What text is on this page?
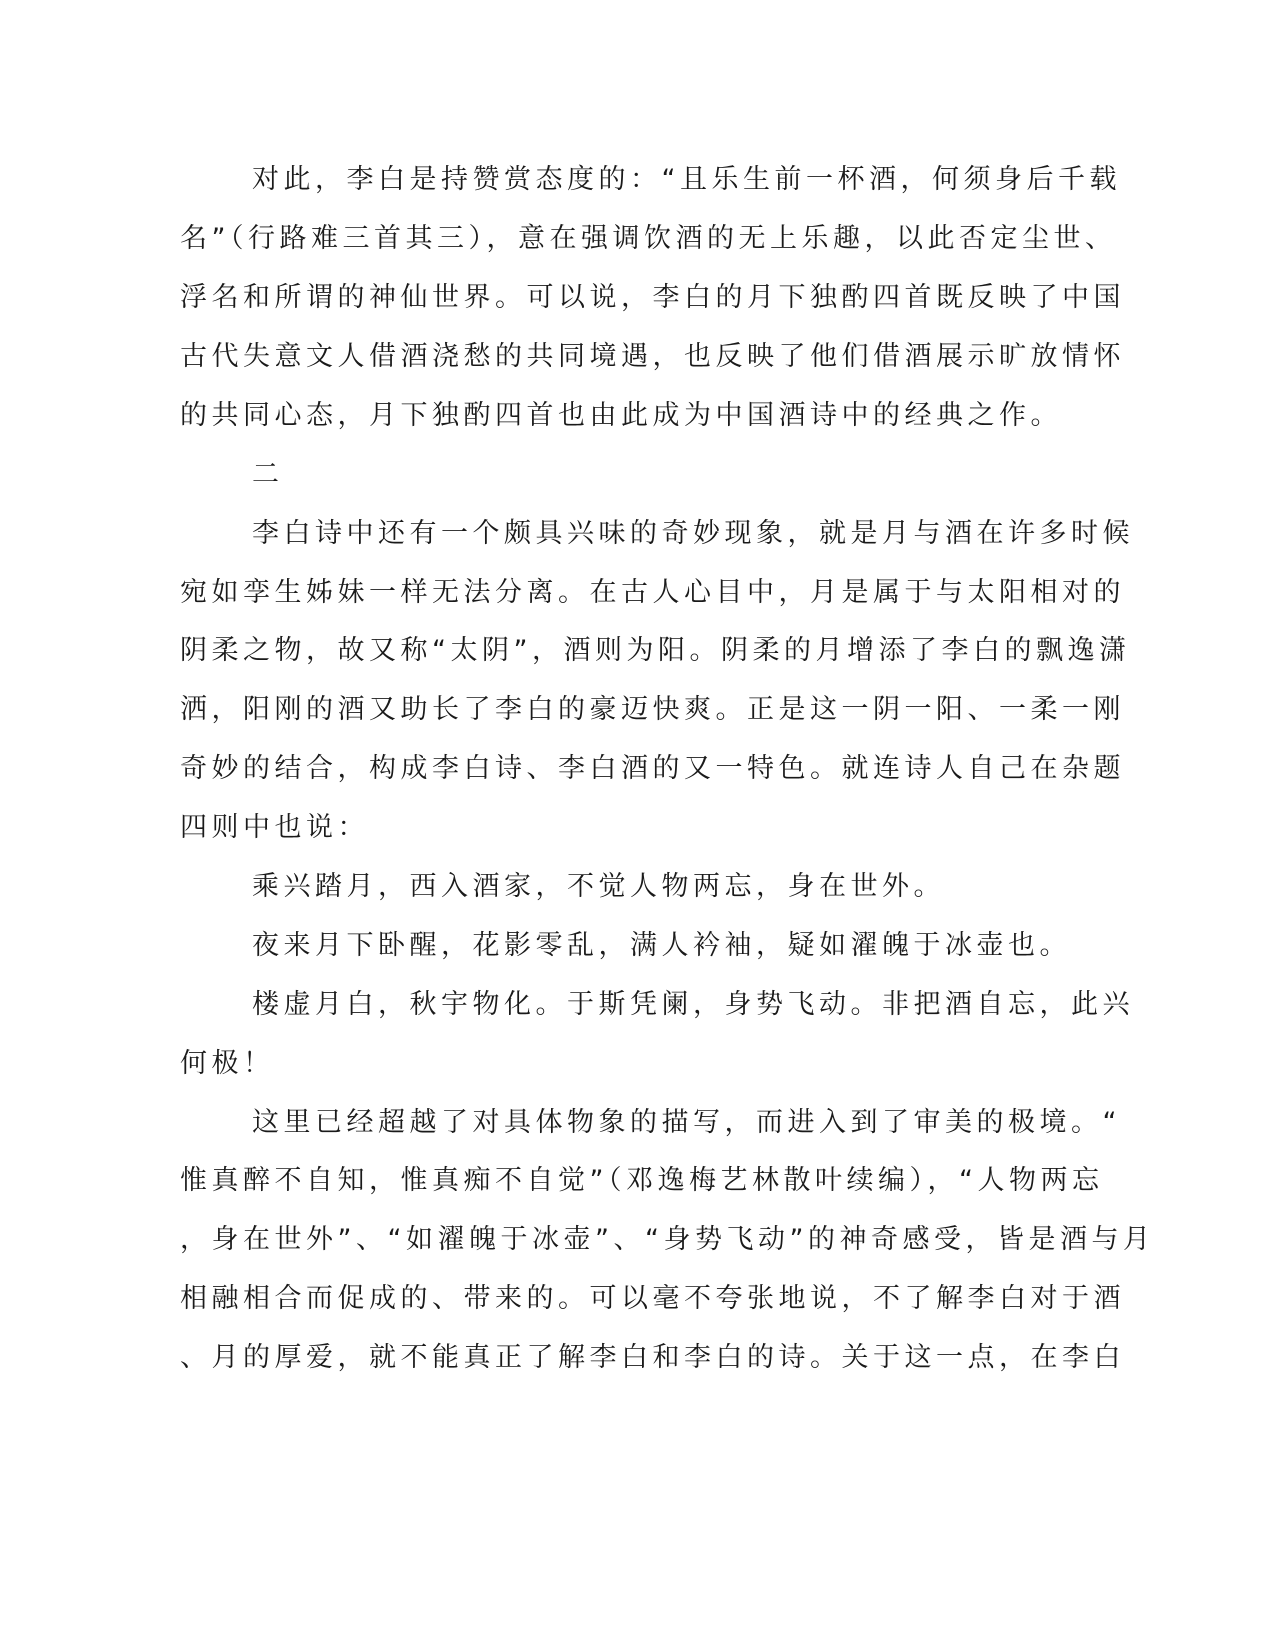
对此，李白是持赞赏态度的：“且乐生前一杯酒，何须身后千载
名”（行路难三首其三），意在强调饮酒的无上乐趣，以此否定尘世、
浮名和所谓的神仙世界。可以说，李白的月下独酌四首既反映了中国
古代失意文人借酒浇愁的共同境遇，也反映了他们借酒展示旷放情怀
的共同心态，月下独酌四首也由此成为中国酒诗中的经典之作。
二
李白诗中还有一个颇具兴味的奇妙现象，就是月与酒在许多时候
宛如孪生姊妹一样无法分离。在古人心目中，月是属于与太阳相对的
阴柔之物，故又称“太阴”，酒则为阳。阴柔的月增添了李白的飘逸潇
洒，阳刚的酒又助长了李白的豪迈快爽。正是这一阴一阳、一柔一刚
奇妙的结合，构成李白诗、李白酒的又一特色。就连诗人自己在杂题
四则中也说：
乘兴踏月，西入酒家，不觉人物两忘，身在世外。
夜来月下卧醒，花影零乱，满人衿袖，疑如濯魄于冰壶也。
楼虚月白，秋宇物化。于斯凭阑，身势飞动。非把酒自忘，此兴
何极！
这里已经超越了对具体物象的描写，而进入到了审美的极境。“
惟真醉不自知，惟真痴不自觉”（邓逸梅艺林散叶续编），“人物两忘
，身在世外”、“如濯魄于冰壶”、“身势飞动”的神奇感受，皆是酒与月
相融相合而促成的、带来的。可以毫不夸张地说，不了解李白对于酒
、月的厚爱，就不能真正了解李白和李白的诗。关于这一点，在李白
